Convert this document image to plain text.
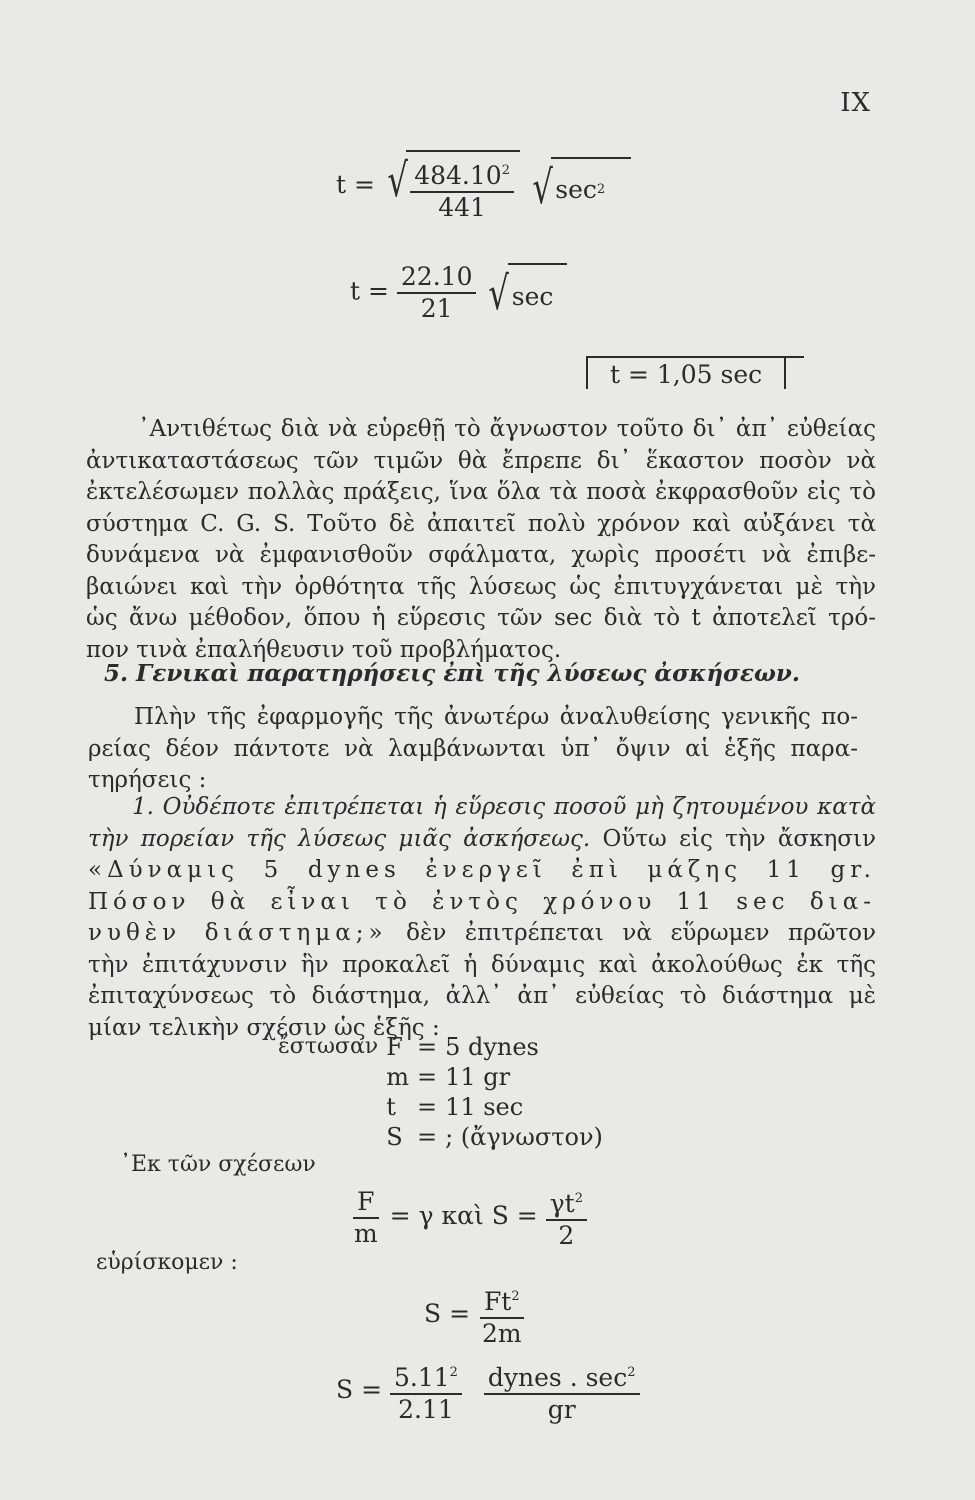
IX
t = √ $\frac{484.10^2}{441}$
√ sec 2
$t = \frac{22.10}{21}$
√ sec
t = 1,05 sec
᾿Αντιθέτως διὰ νὰ εὑρεθῇ τὸ ἄγνωστον τοῦτο δι᾿ ἀπ᾿ εὐθείας
ἀντικαταστάσεως τῶν τιμῶν θὰ ἔπρεπε δι᾿ ἕκαστον ποσὸν νὰ
ἐκτελέσωμεν πολλὰς πράξεις, ἵνα ὅλα τὰ ποσὰ ἐκφρασθοῦν εἰς τὸ
σύστημα C. G. S. Τοῦτο δὲ ἀπαιτεῖ πολὺ χρόνον καὶ αὐξάνει τὰ
δυνάμενα νὰ ἐμφανισθοῦν σφάλματα, χωρὶς προσέτι νὰ ἐπιβε-
βαιώνει καὶ τὴν ὀρθότητα τῆς λύσεως ὡς ἐπιτυγχάνεται μὲ τὴν
ὡς ἄνω μέθοδον, ὅπου ἡ εὕρεσις τῶν sec διὰ τὸ t ἀποτελεῖ τρό-
πον τινὰ ἐπαλήθευσιν τοῦ προβλήματος.
5. Γενικαὶ παρατηρήσεις ἐπὶ τῆς λύσεως ἀσκήσεων.
Πλὴν τῆς ἐφαρμογῆς τῆς ἀνωτέρω ἀναλυθείσης γενικῆς πο-
ρείας δέον πάντοτε νὰ λαμβάνωνται ὑπ᾿ ὄψιν αἱ ἑξῆς παρα-
τηρήσεις :
1. Οὐδέποτε ἐπιτρέπεται ἡ εὕρεσις ποσοῦ μὴ ζητουμένου κατὰ
τὴν πορείαν τῆς λύσεως μιᾶς ἀσκήσεως. Οὕτω εἰς τὴν ἄσκησιν
«Δύναμις 5 dynes ἐνεργεῖ ἐπὶ μάζης 11 gr.
Πόσον θὰ εἶναι τὸ ἐντὸς χρόνου 11 sec δια-
νυθὲν διάστημα;» δὲν ἐπιτρέπεται νὰ εὕρωμεν πρῶτον
τὴν ἐπιτάχυνσιν ἣν προκαλεῖ ἡ δύναμις καὶ ἀκολούθως ἐκ τῆς
ἐπιταχύνσεως τὸ διάστημα, ἀλλ᾿ ἀπ᾿ εὐθείας τὸ διάστημα μὲ
μίαν τελικὴν σχέσιν ὡς ἑξῆς :
ἔστωσαν	F	=	5 dynes
	m	=	11 gr
	t	=	11 sec
	S	=	; (ἄγνωστον)
᾿Εκ τῶν σχέσεων
$\frac{F}{m} = \gamma$ καὶ $S = \frac{\gamma t^2}{2}$
εὑρίσκομεν :
$S = \frac{Ft^2}{2m}$
$S = \frac{5.11^2}{2.11}$
$\frac{dynes . \sec^2}{gr}$
